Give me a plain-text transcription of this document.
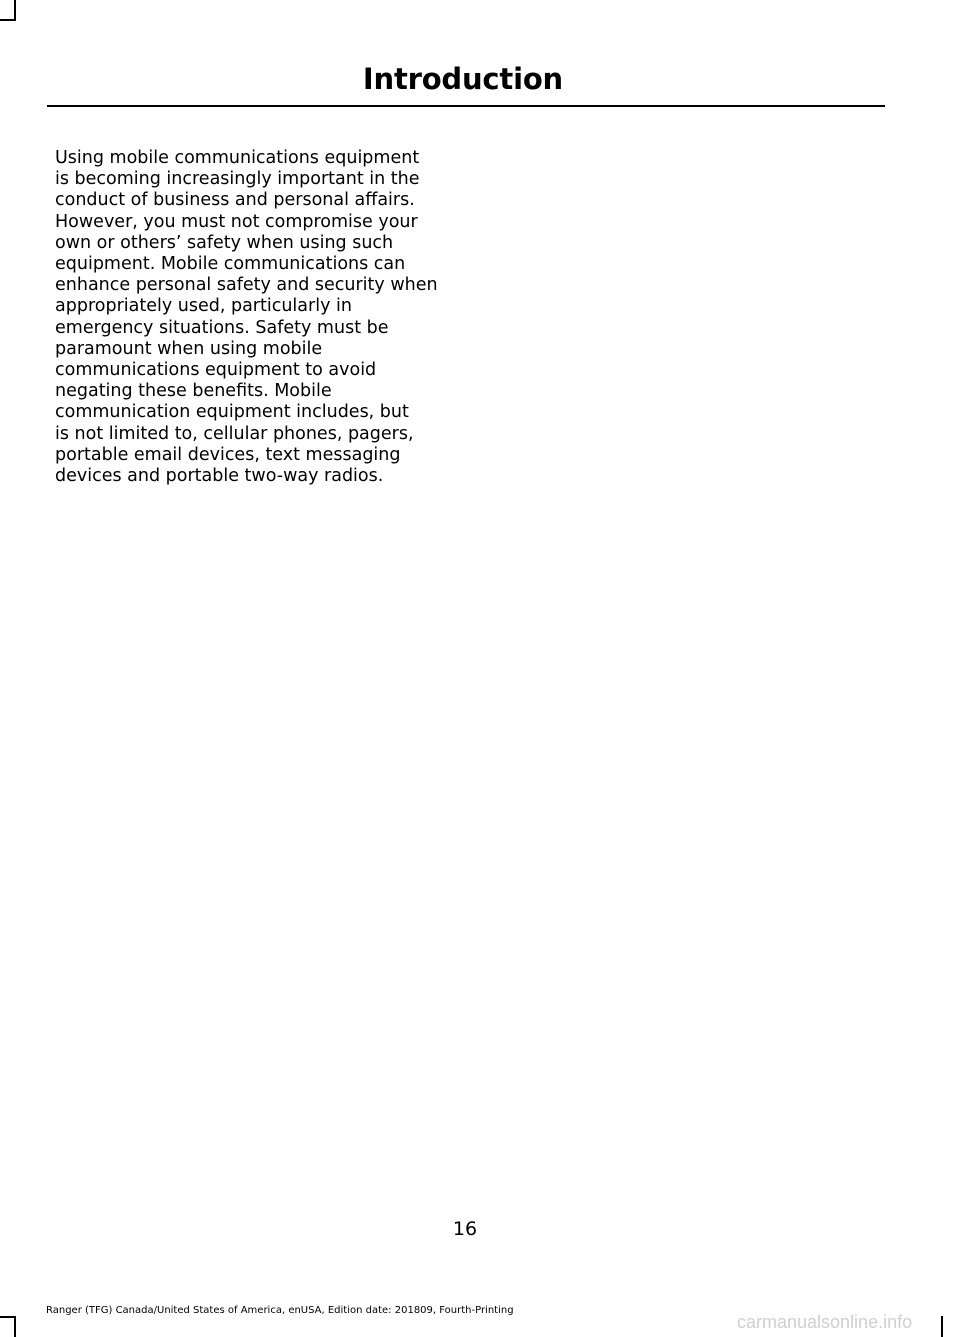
Introduction

Using mobile communications equipment
is becoming increasingly important in the
conduct of business and personal affairs.
However, you must not compromise your
own or others’ safety when using such
equipment. Mobile communications can
enhance personal safety and security when
appropriately used, particularly in
emergency situations. Safety must be
paramount when using mobile
communications equipment to avoid
negating these benefits. Mobile
communication equipment includes, but
is not limited to, cellular phones, pagers,
portable email devices, text messaging
devices and portable two-way radios.

16
Ranger (TFG) Canada/United States of America, enUSA, Edition date: 201809, Fourth-Printing
carmanualsonline.info
